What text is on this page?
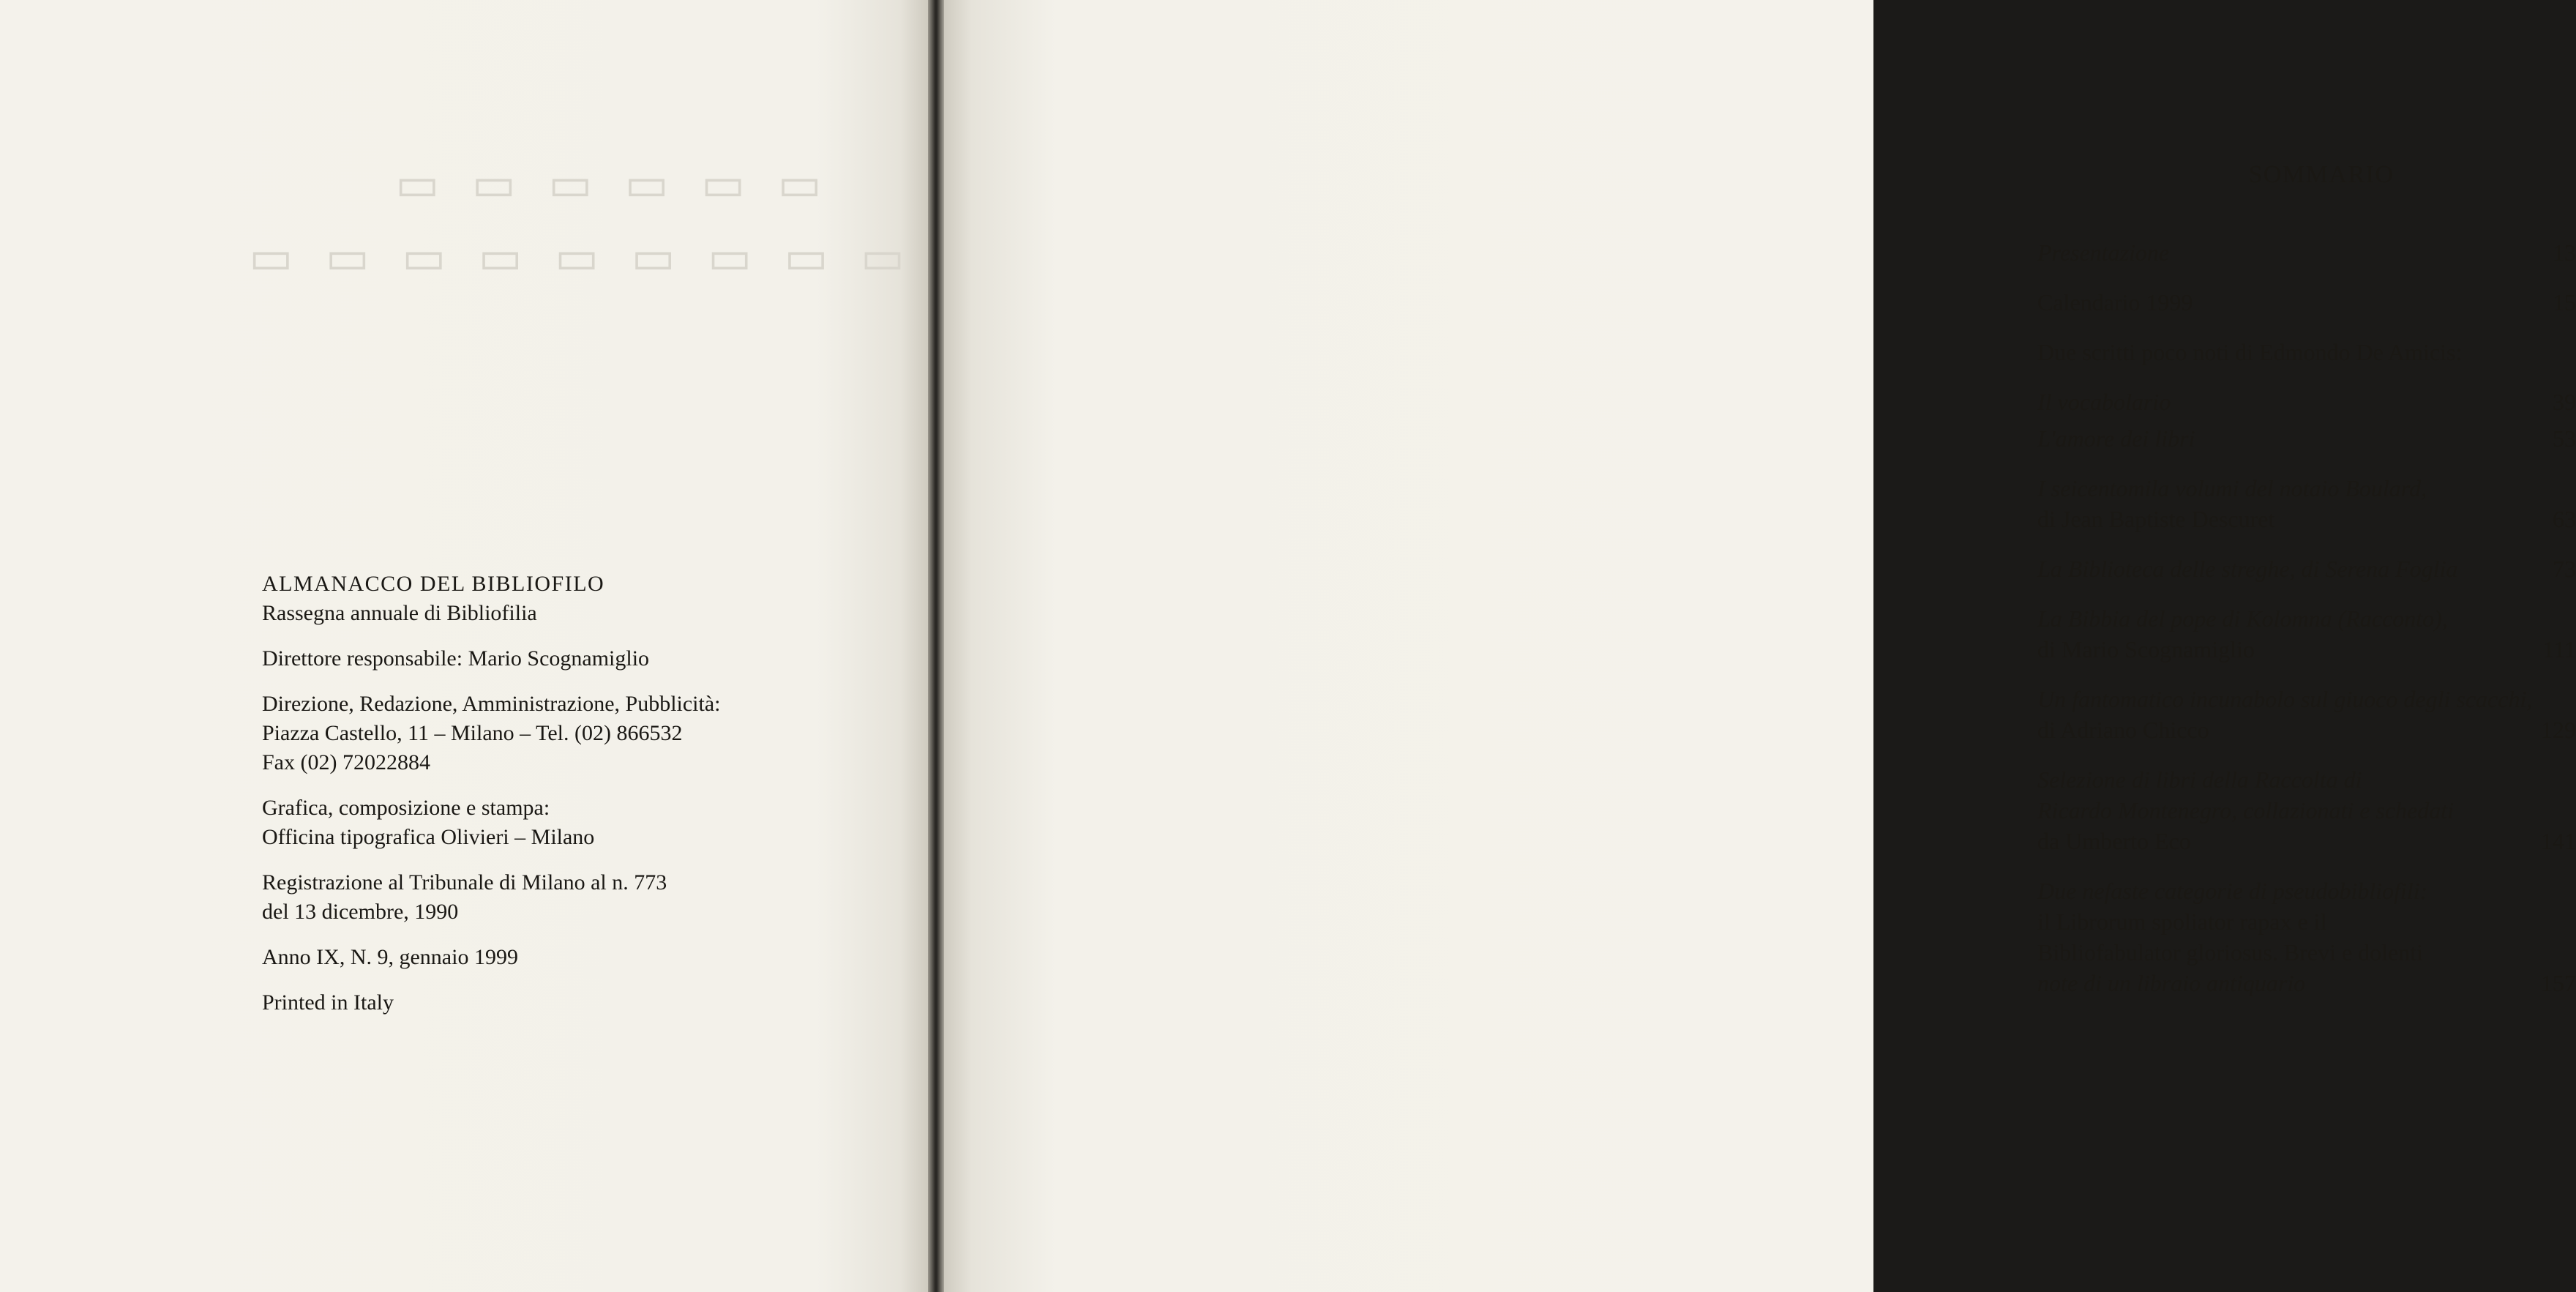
▭ ▭ ▭ ▭ ▭ ▭
▭ ▭ ▭ ▭ ▭ ▭ ▭ ▭ ▭
ALMANACCO DEL BIBLIOFILO
Rassegna annuale di Bibliofilia
Direttore responsabile: Mario Scognamiglio
Direzione, Redazione, Amministrazione, Pubblicità:
Piazza Castello, 11 – Milano – Tel. (02) 866532
Fax (02) 72022884
Grafica, composizione e stampa:
Officina tipografica Olivieri – Milano
Registrazione al Tribunale di Milano al n. 773
del 13 dicembre, 1990
Anno IX, N. 9, gennaio 1999
Printed in Italy
SOMMARIO
Presentazione	13
Calendario 1999	15
Due scritti poco noti di Edmondo De Amicis:
Il vocabolario	39
L'amore dei libri	53
I seicentomila volumi del notaio Boulard,
di Jean Baptiste Descuret	63
La Biblioteca delle streghe, di Serena Foglia	73
La Bibbia del pope di Kolomna (Racconto),
di Mario Scognamiglio	111
Un fantomatico incunabolo sul giuoco degli scacchi,
di Adriano Chicco	129
Selezione di libri della Raccolta di
Ricardo Montenegro, collazionati e schedati
da Umberto Eco	141
Due nefaste categorie di pseudobibliofili:
il Librorum spoliator rapax e il
Bibliofabulator gloriosus. Brevi e dolenti
note di un libraio antiquario	157
